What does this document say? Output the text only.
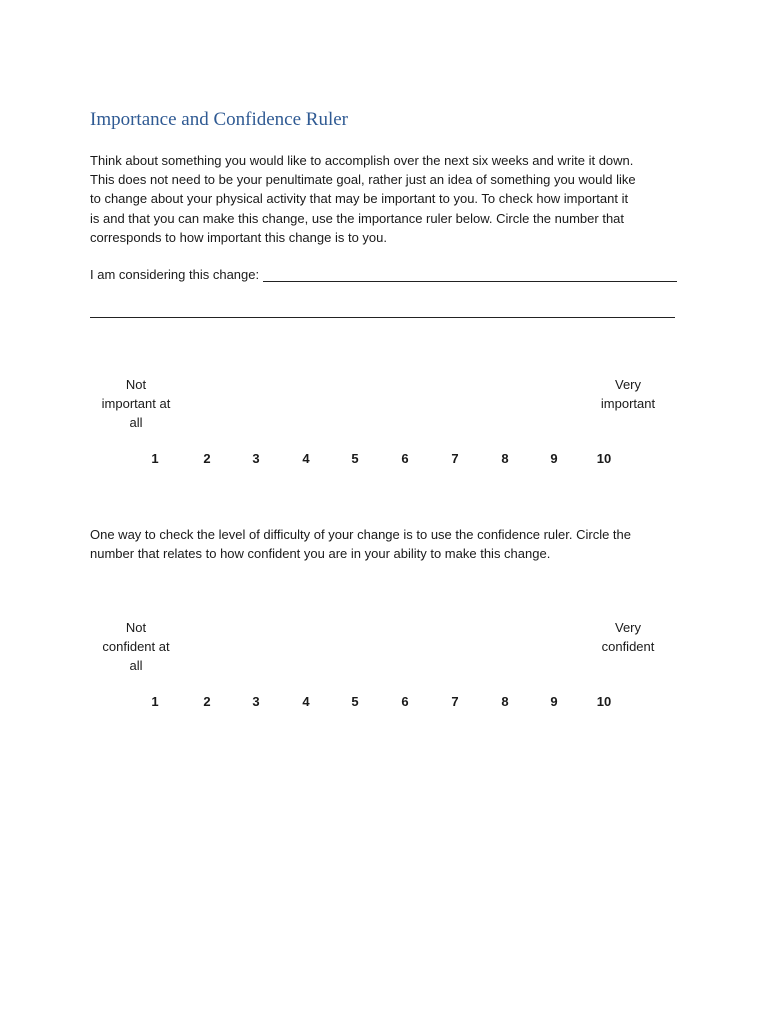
Importance and Confidence Ruler
Think about something you would like to accomplish over the next six weeks and write it down.
This does not need to be your penultimate goal, rather just an idea of something you would like
to change about your physical activity that may be important to you. To check how important it
is and that you can make this change, use the importance ruler below. Circle the number that
corresponds to how important this change is to you.
I am considering this change:
Not
important at
all
Very
important
1	2	3	4	5	6	7	8	9	10
One way to check the level of difficulty of your change is to use the confidence ruler. Circle the
number that relates to how confident you are in your ability to make this change.
Not
confident at
all
Very
confident
1	2	3	4	5	6	7	8	9	10
